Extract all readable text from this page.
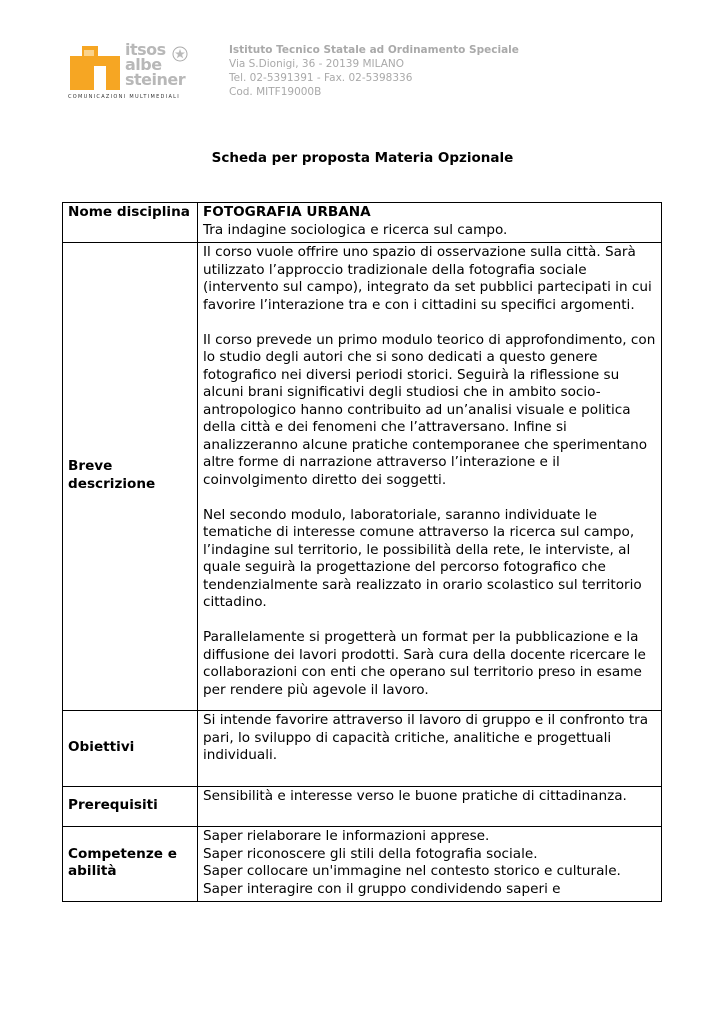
itsos
albe
steiner
COMUNICAZIONI MULTIMEDIALI
Istituto Tecnico Statale ad Ordinamento Speciale
Via S.Dionigi, 36 - 20139 MILANO
Tel. 02-5391391 - Fax. 02-5398336
Cod. MITF19000B
Scheda per proposta Materia Opzionale
Nome disciplina	FOTOGRAFIA URBANA
Tra indagine sociologica e ricerca sul campo.

Breve descrizione	Il corso vuole offrire uno spazio di osservazione sulla città. Sarà utilizzato l’approccio tradizionale della fotografia sociale (intervento sul campo), integrato da set pubblici partecipati in cui favorire l’interazione tra e con i cittadini su specifici argomenti.

Il corso prevede un primo modulo teorico di approfondimento, con lo studio degli autori che si sono dedicati a questo genere fotografico nei diversi periodi storici. Seguirà la riflessione su alcuni brani significativi degli studiosi che in ambito socio-antropologico hanno contribuito ad un’analisi visuale e politica della città e dei fenomeni che l’attraversano. Infine si analizzeranno alcune pratiche contemporanee che sperimentano altre forme di narrazione attraverso l’interazione e il coinvolgimento diretto dei soggetti.

Nel secondo modulo, laboratoriale, saranno individuate le tematiche di interesse comune attraverso la ricerca sul campo, l’indagine sul territorio, le possibilità della rete, le interviste, al quale seguirà la progettazione del percorso fotografico che tendenzialmente sarà realizzato in orario scolastico sul territorio cittadino.

Parallelamente si progetterà un format per la pubblicazione e la diffusione dei lavori prodotti. Sarà cura della docente ricercare le collaborazioni con enti che operano sul territorio preso in esame per rendere più agevole il lavoro.

Obiettivi	Si intende favorire attraverso il lavoro di gruppo e il confronto tra pari, lo sviluppo di capacità critiche, analitiche e progettuali individuali.

Prerequisiti	Sensibilità e interesse verso le buone pratiche di cittadinanza.

Competenze e abilità	Saper rielaborare le informazioni apprese.
Saper riconoscere gli stili della fotografia sociale.
Saper collocare un'immagine nel contesto storico e culturale.
Saper interagire con il gruppo condividendo saperi e
